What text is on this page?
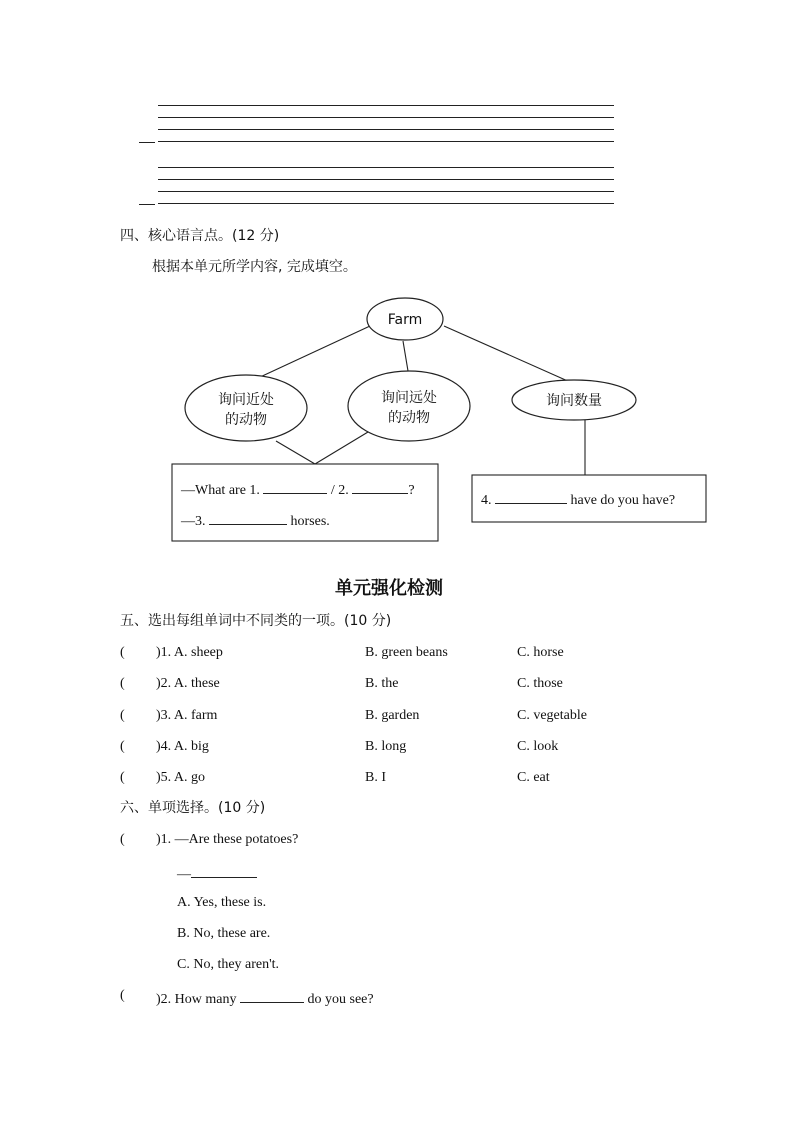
四、核心语言点。(12 分)
根据本单元所学内容, 完成填空。
Farm
询问近处
的动物
询问远处
的动物
询问数量
—What are 1.	/ 2.	?
—3.	horses.
4.	have do you have?
单元强化检测
五、选出每组单词中不同类的一项。(10 分)
( )1. A. sheep	B. green beans	C. horse
( )2. A. these	B. the	C. those
( )3. A. farm	B. garden	C. vegetable
( )4. A. big	B. long	C. look
( )5. A. go	B. I	C. eat
六、单项选择。(10 分)
( )1. —Are these potatoes?
—
A. Yes, these is.
B. No, these are.
C. No, they aren't.
( )2. How many	do you see?
